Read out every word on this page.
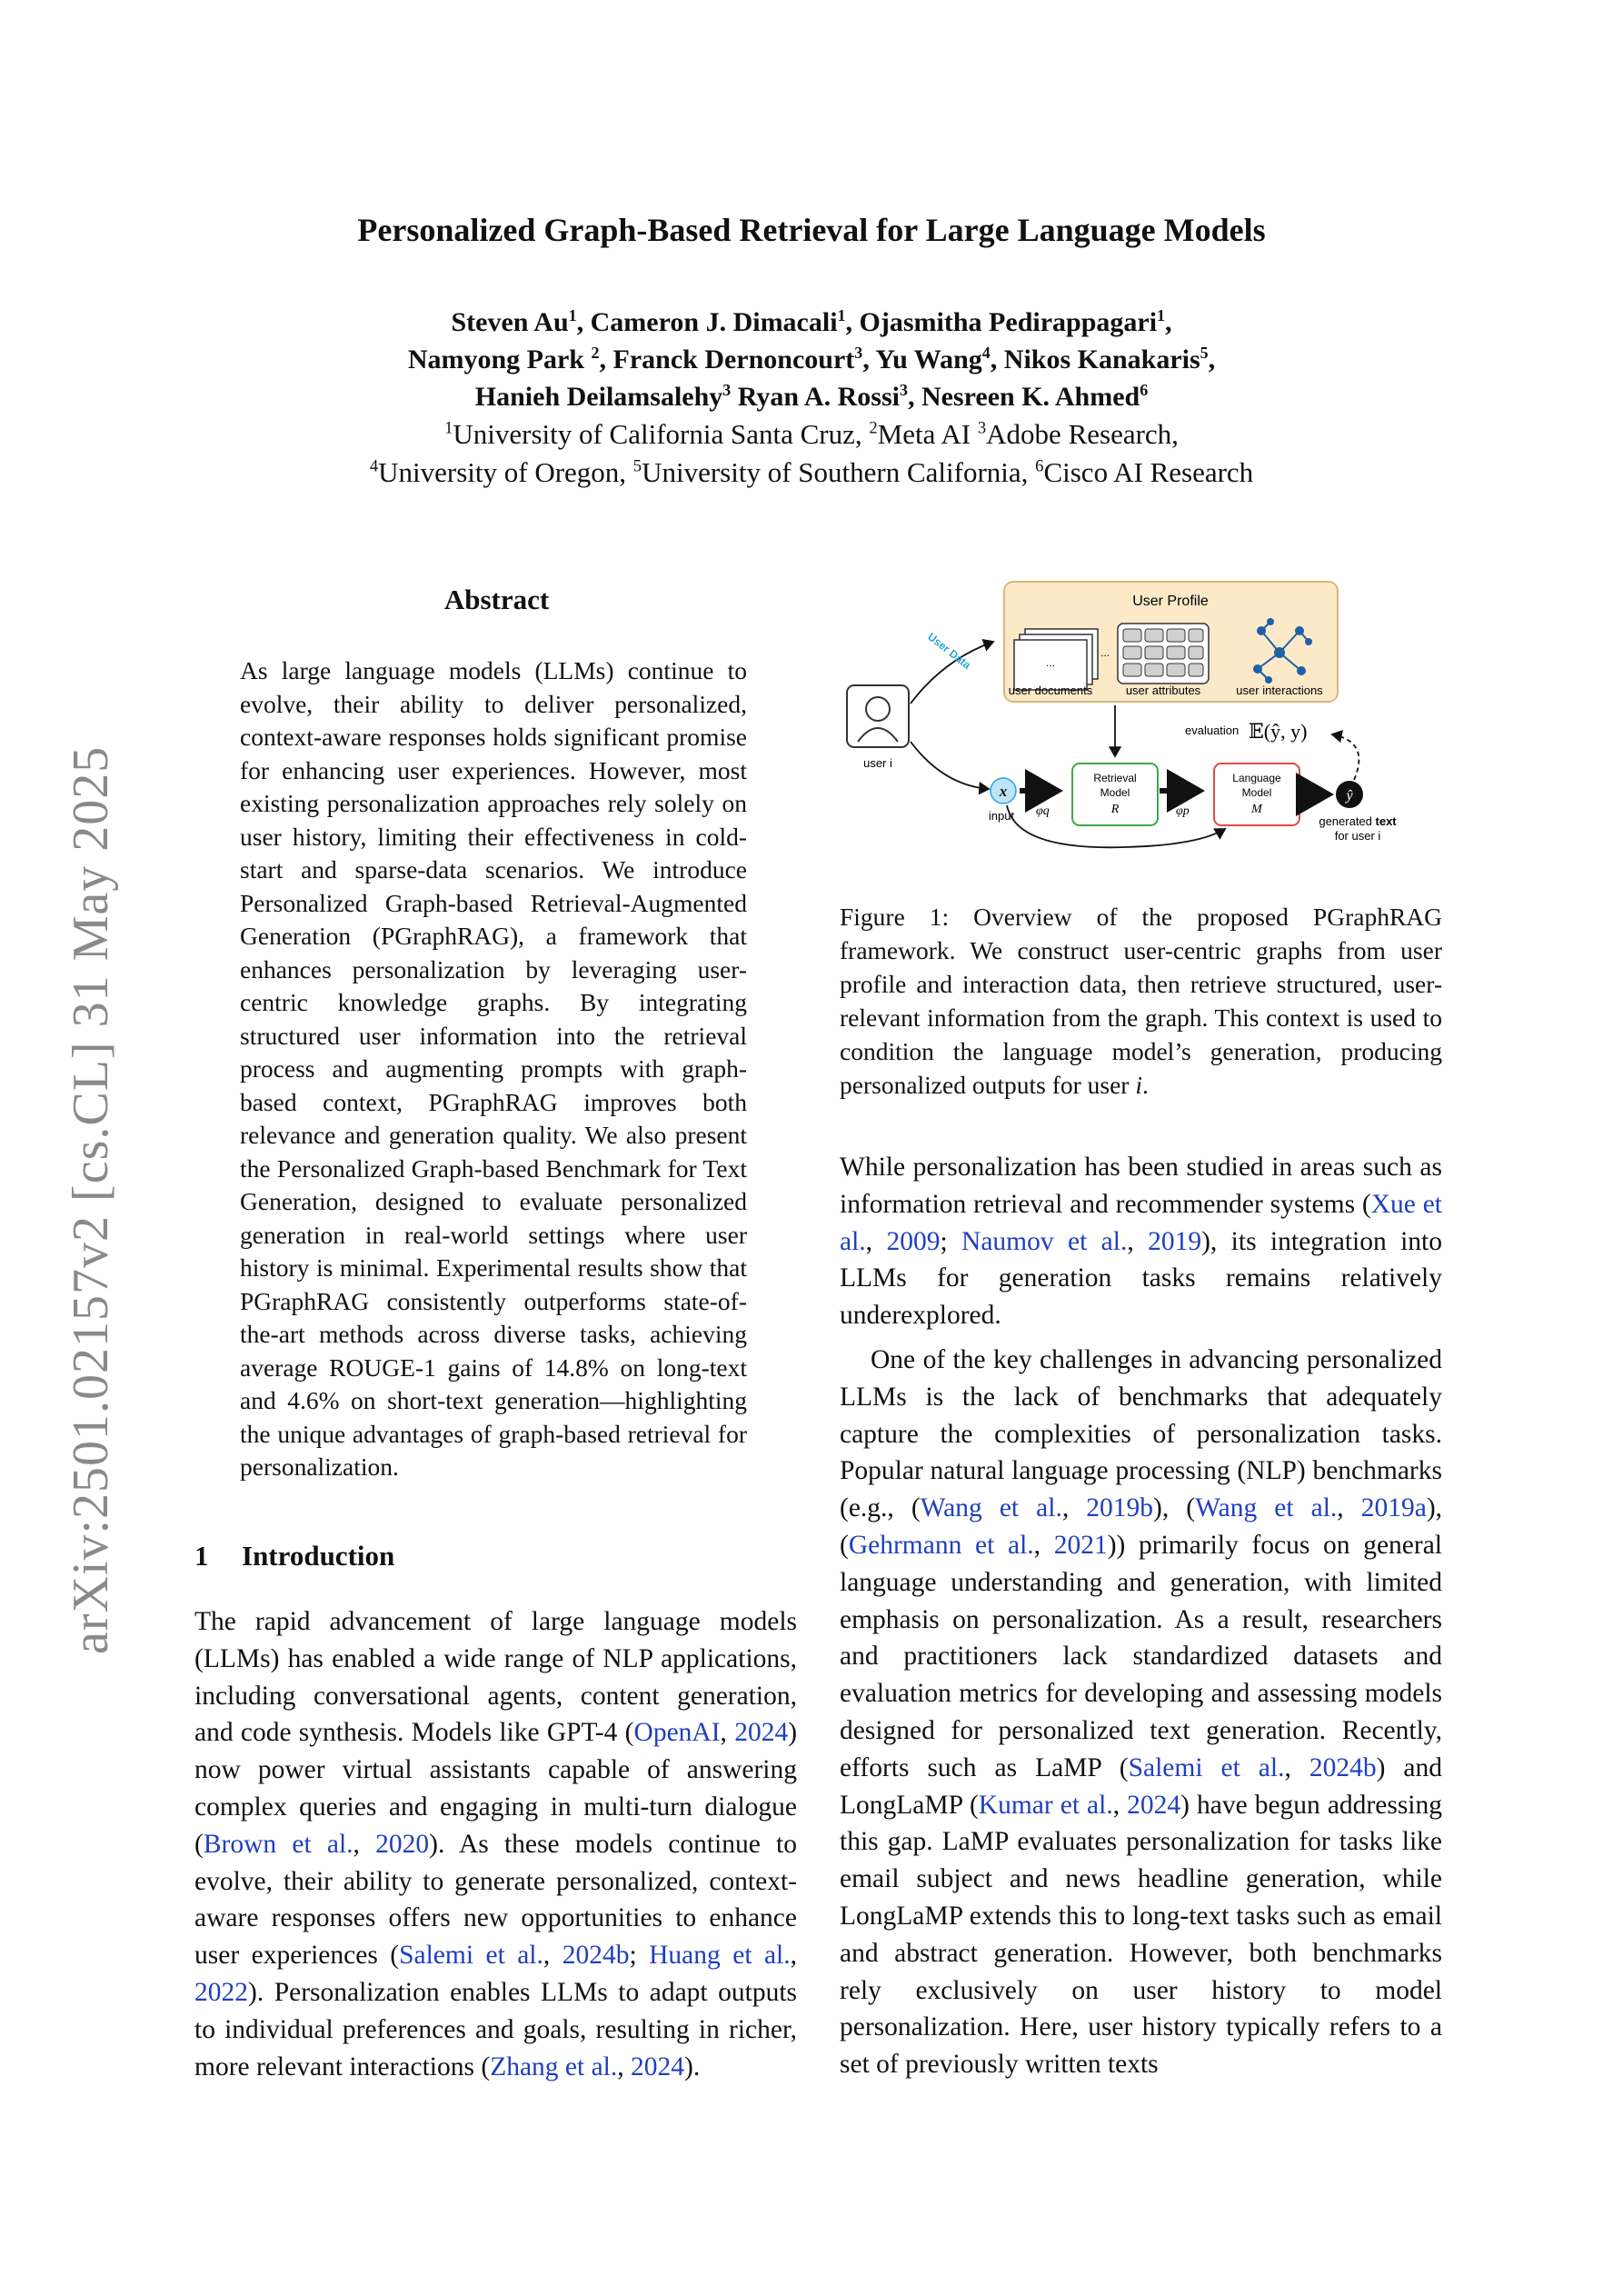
arXiv:2501.02157v2 [cs.CL] 31 May 2025
Personalized Graph-Based Retrieval for Large Language Models
Steven Au$^1$, Cameron J. Dimacali$^1$, Ojasmitha Pedirappagari$^1$,
Namyong Park $^2$, Franck Dernoncourt$^3$, Yu Wang$^4$, Nikos Kanakaris$^5$,
Hanieh Deilamsalehy$^3$ Ryan A. Rossi$^3$, Nesreen K. Ahmed$^6$
$^1$University of California Santa Cruz, $^2$Meta AI $^3$Adobe Research,
$^4$University of Oregon, $^5$University of Southern California, $^6$Cisco AI Research
Abstract
As large language models (LLMs) continue to evolve, their ability to deliver personalized, context-aware responses holds significant promise for enhancing user experiences. However, most existing personalization approaches rely solely on user history, limiting their effectiveness in cold-start and sparse-data scenarios. We introduce Personalized Graph-based Retrieval-Augmented Generation (PGraphRAG), a framework that enhances personalization by leveraging user-centric knowledge graphs. By integrating structured user information into the retrieval process and augmenting prompts with graph-based context, PGraphRAG improves both relevance and generation quality. We also present the Personalized Graph-based Benchmark for Text Generation, designed to evaluate personalized generation in real-world settings where user history is minimal. Experimental results show that PGraphRAG consistently outperforms state-of-the-art methods across diverse tasks, achieving average ROUGE-1 gains of 14.8% on long-text and 4.6% on short-text generation—highlighting the unique advantages of graph-based retrieval for personalization.
1 Introduction
The rapid advancement of large language models (LLMs) has enabled a wide range of NLP applications, including conversational agents, content generation, and code synthesis. Models like GPT-4 (OpenAI, 2024) now power virtual assistants capable of answering complex queries and engaging in multi-turn dialogue (Brown et al., 2020). As these models continue to evolve, their ability to generate personalized, context-aware responses offers new opportunities to enhance user experiences (Salemi et al., 2024b; Huang et al., 2022). Personalization enables LLMs to adapt outputs to individual preferences and goals, resulting in richer, more relevant interactions (Zhang et al., 2024).
User Profile
...
...
user documents	user attributes	user interactions
user i
User Data
x
input φq
Retrieval
Model
R	φp
Language
Model
M
ŷ
generated text
for user i
evaluation 𝔼(ŷ, y)
Figure 1: Overview of the proposed PGraphRAG framework. We construct user-centric graphs from user profile and interaction data, then retrieve structured, user-relevant information from the graph. This context is used to condition the language model’s generation, producing personalized outputs for user i.

While personalization has been studied in areas such as information retrieval and recommender systems (Xue et al., 2009; Naumov et al., 2019), its integration into LLMs for generation tasks remains relatively underexplored.

One of the key challenges in advancing personalized LLMs is the lack of benchmarks that adequately capture the complexities of personalization tasks. Popular natural language processing (NLP) benchmarks (e.g., (Wang et al., 2019b), (Wang et al., 2019a), (Gehrmann et al., 2021)) primarily focus on general language understanding and generation, with limited emphasis on personalization. As a result, researchers and practitioners lack standardized datasets and evaluation metrics for developing and assessing models designed for personalized text generation. Recently, efforts such as LaMP (Salemi et al., 2024b) and LongLaMP (Kumar et al., 2024) have begun addressing this gap. LaMP evaluates personalization for tasks like email subject and news headline generation, while LongLaMP extends this to long-text tasks such as email and abstract generation. However, both benchmarks rely exclusively on user history to model personalization. Here, user history typically refers to a set of previously written texts
